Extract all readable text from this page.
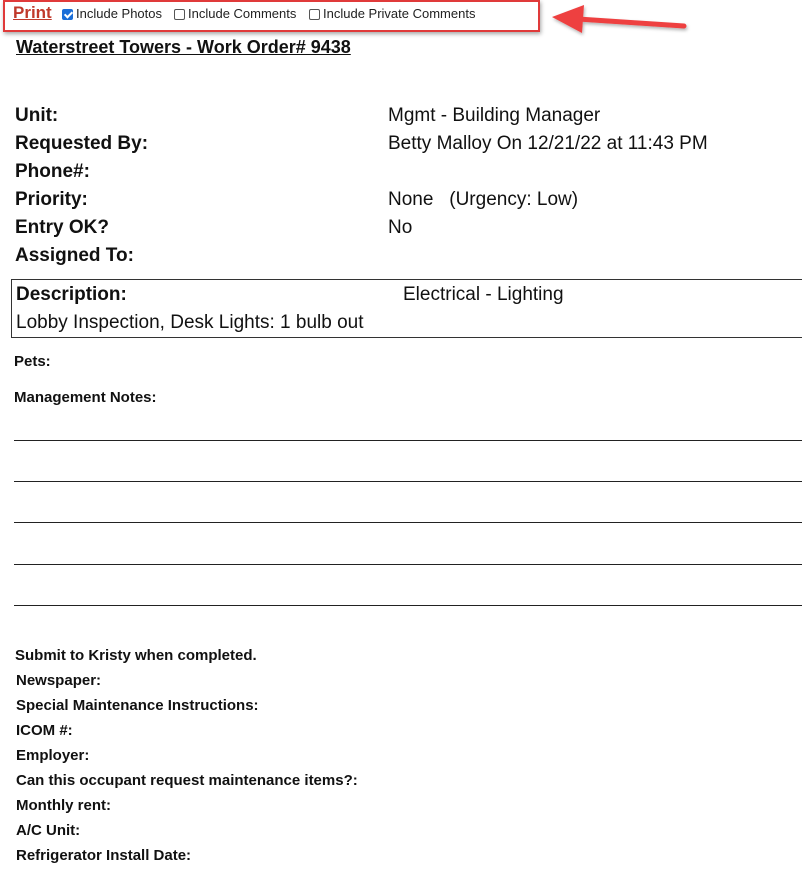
Print Include Photos Include Comments Include Private Comments
Waterstreet Towers - Work Order# 9438
Unit:	Mgmt - Building Manager
Requested By:	Betty Malloy On 12/21/22 at 11:43 PM
Phone#:
Priority:	None   (Urgency: Low)
Entry OK?	No
Assigned To:
Description:	Electrical - Lighting
Lobby Inspection, Desk Lights: 1 bulb out
Pets:
Management Notes:
Submit to Kristy when completed.
Newspaper:
Special Maintenance Instructions:
ICOM #:
Employer:
Can this occupant request maintenance items?:
Monthly rent:
A/C Unit:
Refrigerator Install Date:
